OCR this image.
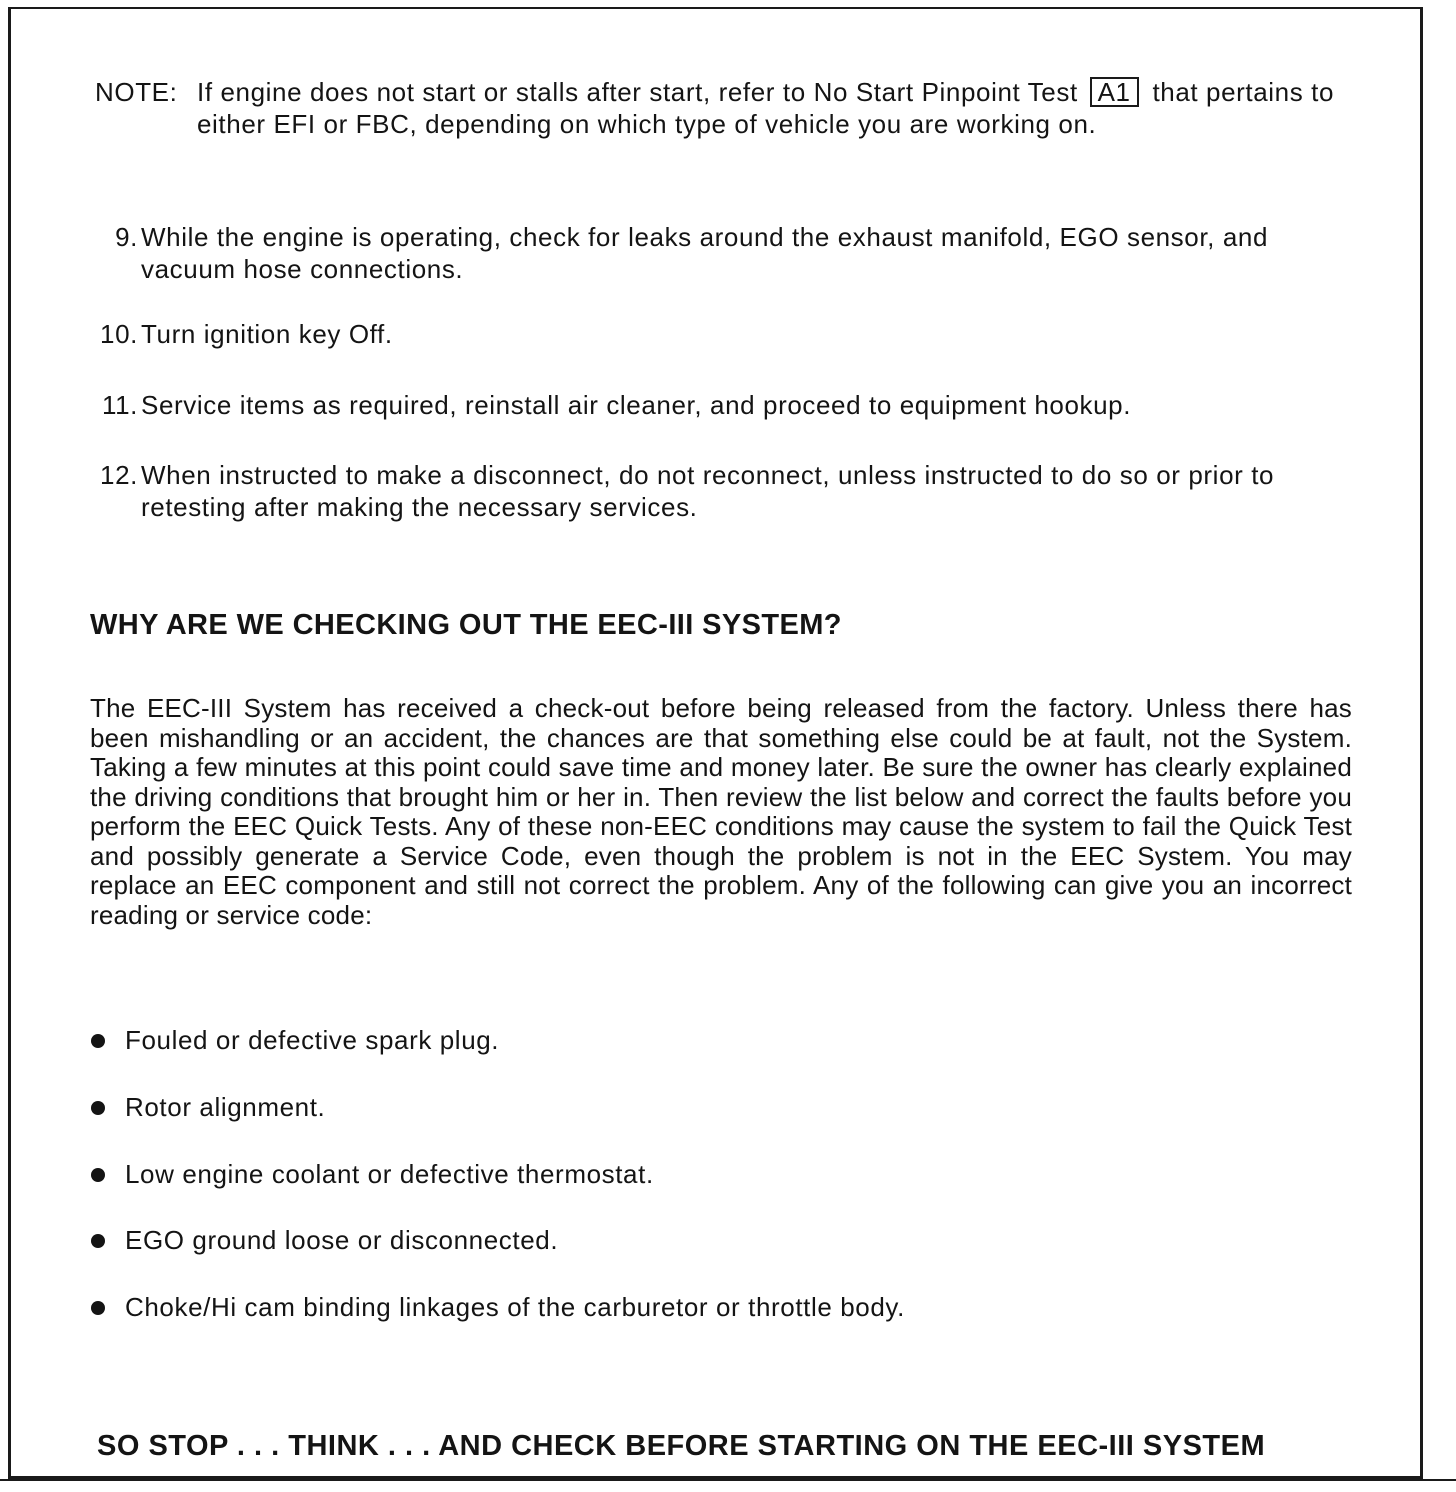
NOTE: If engine does not start or stalls after start, refer to No Start Pinpoint Test A1 that pertains to either EFI or FBC, depending on which type of vehicle you are working on.
9. While the engine is operating, check for leaks around the exhaust manifold, EGO sensor, and vacuum hose connections.
10. Turn ignition key Off.
11. Service items as required, reinstall air cleaner, and proceed to equipment hookup.
12. When instructed to make a disconnect, do not reconnect, unless instructed to do so or prior to retesting after making the necessary services.
WHY ARE WE CHECKING OUT THE EEC-III SYSTEM?
The EEC-III System has received a check-out before being released from the factory. Unless there has been mishandling or an accident, the chances are that something else could be at fault, not the System. Taking a few minutes at this point could save time and money later. Be sure the owner has clearly explained the driving conditions that brought him or her in. Then review the list below and correct the faults before you perform the EEC Quick Tests. Any of these non-EEC conditions may cause the system to fail the Quick Test and possibly generate a Service Code, even though the problem is not in the EEC System. You may replace an EEC component and still not correct the problem. Any of the following can give you an incorrect reading or service code:
Fouled or defective spark plug.
Rotor alignment.
Low engine coolant or defective thermostat.
EGO ground loose or disconnected.
Choke/Hi cam binding linkages of the carburetor or throttle body.
SO STOP . . . THINK . . . AND CHECK BEFORE STARTING ON THE EEC-III SYSTEM
